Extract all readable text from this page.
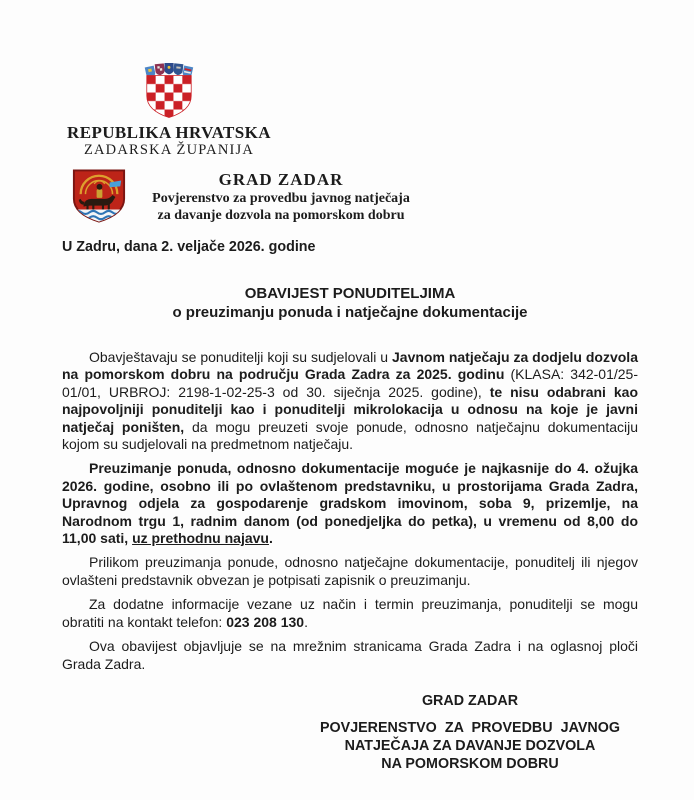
REPUBLIKA HRVATSKA
ZADARSKA ŽUPANIJA
GRAD ZADAR
Povjerenstvo za provedbu javnog natječaja
za davanje dozvola na pomorskom dobru
U Zadru, dana 2. veljače 2026. godine
OBAVIJEST PONUDITELJIMA
o preuzimanju ponuda i natječajne dokumentacije

Obavještavaju se ponuditelji koji su sudjelovali u Javnom natječaju za dodjelu dozvola na pomorskom dobru na području Grada Zadra za 2025. godinu (KLASA: 342-01/25-01/01, URBROJ: 2198-1-02-25-3 od 30. siječnja 2025. godine), te nisu odabrani kao najpovoljniji ponuditelji kao i ponuditelji mikrolokacija u odnosu na koje je javni natječaj poništen, da mogu preuzeti svoje ponude, odnosno natječajnu dokumentaciju kojom su sudjelovali na predmetnom natječaju.

Preuzimanje ponuda, odnosno dokumentacije moguće je najkasnije do 4. ožujka 2026. godine, osobno ili po ovlaštenom predstavniku, u prostorijama Grada Zadra, Upravnog odjela za gospodarenje gradskom imovinom, soba 9, prizemlje, na Narodnom trgu 1, radnim danom (od ponedjeljka do petka), u vremenu od 8,00 do 11,00 sati, uz prethodnu najavu.

Prilikom preuzimanja ponude, odnosno natječajne dokumentacije, ponuditelj ili njegov ovlašteni predstavnik obvezan je potpisati zapisnik o preuzimanju.

Za dodatne informacije vezane uz način i termin preuzimanja, ponuditelji se mogu obratiti na kontakt telefon: 023 208 130.

Ova obavijest objavljuje se na mrežnim stranicama Grada Zadra i na oglasnoj ploči Grada Zadra.

GRAD ZADAR
POVJERENSTVO ZA PROVEDBU JAVNOG
NATJEČAJA ZA DAVANJE DOZVOLA
NA POMORSKOM DOBRU
